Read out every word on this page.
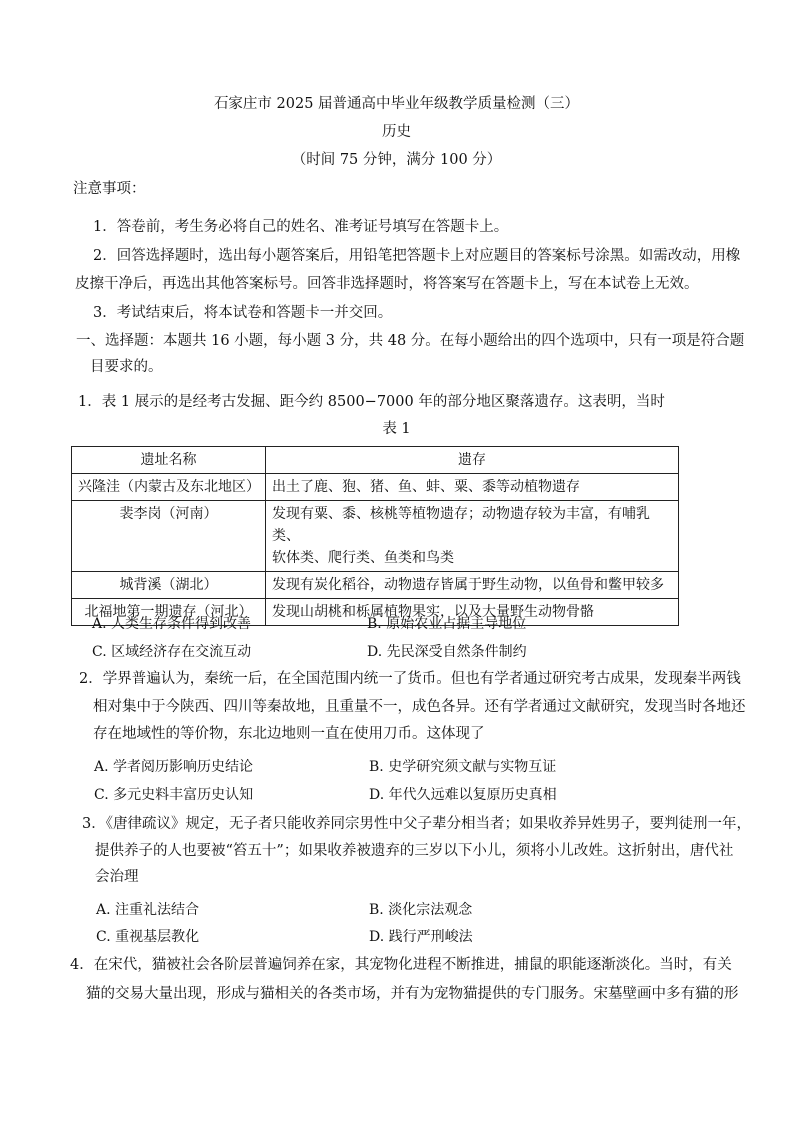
石家庄市 2025 届普通高中毕业年级教学质量检测（三）
历史
（时间 75 分钟，满分 100 分）
注意事项：
1．答卷前，考生务必将自己的姓名、准考证号填写在答题卡上。
2．回答选择题时，选出每小题答案后，用铅笔把答题卡上对应题目的答案标号涂黑。如需改动，用橡
皮擦干净后，再选出其他答案标号。回答非选择题时，将答案写在答题卡上，写在本试卷上无效。
3．考试结束后，将本试卷和答题卡一并交回。
一、选择题：本题共 16 小题，每小题 3 分，共 48 分。在每小题给出的四个选项中，只有一项是符合题
目要求的。
1．表 1 展示的是经考古发掘、距今约 8500−7000 年的部分地区聚落遗存。这表明，当时
表 1
遗址名称	遗存
兴隆洼（内蒙古及东北地区）	出土了鹿、狍、猪、鱼、蚌、粟、黍等动植物遗存
裴李岗（河南）	发现有粟、黍、核桃等植物遗存；动物遗存较为丰富，有哺乳类、
软体类、爬行类、鱼类和鸟类

城背溪（湖北）	发现有炭化稻谷，动物遗存皆属于野生动物，以鱼骨和鳖甲较多
北福地第一期遗存（河北）	发现山胡桃和栎属植物果实，以及大量野生动物骨骼
A. 人类生存条件得到改善	B. 原始农业占据主导地位
C. 区域经济存在交流互动	D. 先民深受自然条件制约
2．学界普遍认为，秦统一后，在全国范围内统一了货币。但也有学者通过研究考古成果，发现秦半两钱
相对集中于今陕西、四川等秦故地，且重量不一，成色各异。还有学者通过文献研究，发现当时各地还
存在地域性的等价物，东北边地则一直在使用刀币。这体现了
A. 学者阅历影响历史结论	B. 史学研究须文献与实物互证
C. 多元史料丰富历史认知	D. 年代久远难以复原历史真相
3．《唐律疏议》规定，无子者只能收养同宗男性中父子辈分相当者；如果收养异姓男子，要判徒刑一年，
提供养子的人也要被“笞五十”；如果收养被遗弃的三岁以下小儿，须将小儿改姓。这折射出，唐代社
会治理
A. 注重礼法结合	B. 淡化宗法观念
C. 重视基层教化	D. 践行严刑峻法
4．在宋代，猫被社会各阶层普遍饲养在家，其宠物化进程不断推进，捕鼠的职能逐渐淡化。当时，有关
猫的交易大量出现，形成与猫相关的各类市场，并有为宠物猫提供的专门服务。宋墓壁画中多有猫的形
